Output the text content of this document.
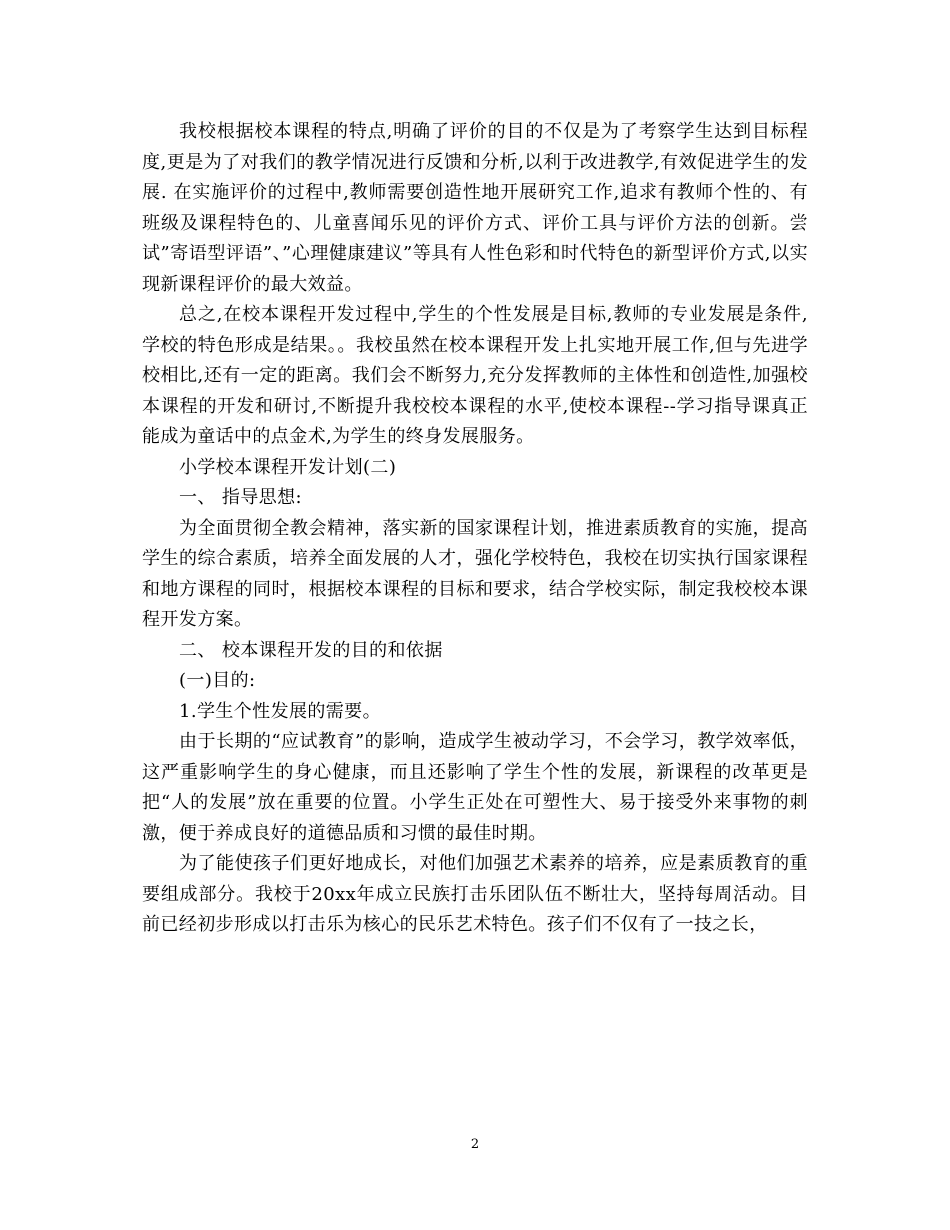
我校根据校本课程的特点,明确了评价的目的不仅是为了考察学生达到目标程度,更是为了对我们的教学情况进行反馈和分析,以利于改进教学,有效促进学生的发展. 在实施评价的过程中,教师需要创造性地开展研究工作,追求有教师个性的、有班级及课程特色的、儿童喜闻乐见的评价方式、评价工具与评价方法的创新。尝试”寄语型评语”、”心理健康建议”等具有人性色彩和时代特色的新型评价方式,以实现新课程评价的最大效益。

总之,在校本课程开发过程中,学生的个性发展是目标,教师的专业发展是条件,学校的特色形成是结果。。我校虽然在校本课程开发上扎实地开展工作,但与先进学校相比,还有一定的距离。我们会不断努力,充分发挥教师的主体性和创造性,加强校本课程的开发和研讨,不断提升我校校本课程的水平,使校本课程--学习指导课真正能成为童话中的点金术,为学生的终身发展服务。

小学校本课程开发计划(二)

一、 指导思想:

为全面贯彻全教会精神，落实新的国家课程计划，推进素质教育的实施，提高学生的综合素质，培养全面发展的人才，强化学校特色，我校在切实执行国家课程和地方课程的同时，根据校本课程的目标和要求，结合学校实际，制定我校校本课程开发方案。

二、 校本课程开发的目的和依据

(一)目的:

1.学生个性发展的需要。

由于长期的“应试教育”的影响，造成学生被动学习，不会学习，教学效率低，这严重影响学生的身心健康，而且还影响了学生个性的发展，新课程的改革更是把“人的发展”放在重要的位置。小学生正处在可塑性大、易于接受外来事物的刺激，便于养成良好的道德品质和习惯的最佳时期。

为了能使孩子们更好地成长，对他们加强艺术素养的培养，应是素质教育的重要组成部分。我校于20xx年成立民族打击乐团队伍不断壮大，坚持每周活动。目前已经初步形成以打击乐为核心的民乐艺术特色。孩子们不仅有了一技之长，

2
